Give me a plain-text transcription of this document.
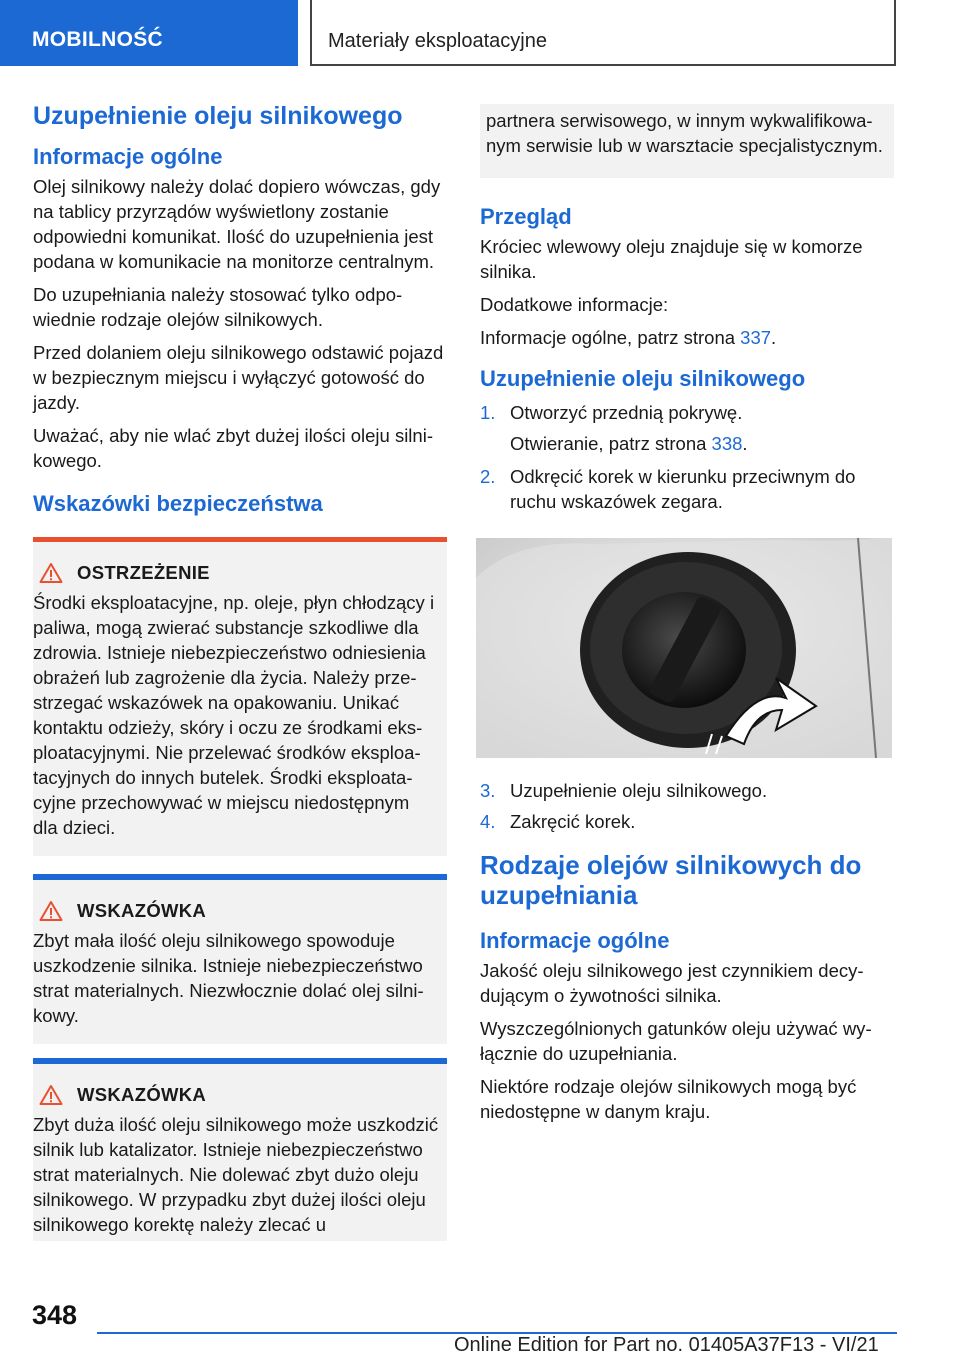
MOBILNOŚĆ	Materiały eksploatacyjne
Uzupełnienie oleju silnikowego
Informacje ogólne

Olej silnikowy należy dolać dopiero wówczas, gdy na tablicy przyrządów wyświetlony zostanie odpowiedni komunikat. Ilość do uzupełnienia jest podana w komunikacie na monitorze centralnym.

Do uzupełniania należy stosować tylko odpowiednie rodzaje olejów silnikowych.

Przed dolaniem oleju silnikowego odstawić pojazd w bezpiecznym miejscu i wyłączyć gotowość do jazdy.

Uważać, aby nie wlać zbyt dużej ilości oleju silnikowego.

Wskazówki bezpieczeństwa
OSTRZEŻENIE

Środki eksploatacyjne, np. oleje, płyn chłodzący i paliwa, mogą zwierać substancje szkodliwe dla zdrowia. Istnieje niebezpieczeństwo odniesienia obrażeń lub zagrożenie dla życia. Należy przestrzegać wskazówek na opakowaniu. Unikać kontaktu odzieży, skóry i oczu ze środkami eksploatacyjnymi. Nie przelewać środków eksploatacyjnych do innych butelek. Środki eksploatacyjne przechowywać w miejscu niedostępnym dla dzieci.

WSKAZÓWKA

Zbyt mała ilość oleju silnikowego spowoduje uszkodzenie silnika. Istnieje niebezpieczeństwo strat materialnych. Niezwłocznie dolać olej silnikowy.

WSKAZÓWKA

Zbyt duża ilość oleju silnikowego może uszkodzić silnik lub katalizator. Istnieje niebezpieczeństwo strat materialnych. Nie dolewać zbyt dużo oleju silnikowego. W przypadku zbyt dużej ilości oleju silnikowego korektę należy zlecać u

partnera serwisowego, w innym wykwalifikowanym serwisie lub w warsztacie specjalistycznym.

Przegląd

Króciec wlewowy oleju znajduje się w komorze silnika.

Dodatkowe informacje:

Informacje ogólne, patrz strona 337.

Uzupełnienie oleju silnikowego
1. Otworzyć przednią pokrywę.
Otwieranie, patrz strona 338.
2. Odkręcić korek w kierunku przeciwnym do ruchu wskazówek zegara.
3. Uzupełnienie oleju silnikowego.
4. Zakręcić korek.
Rodzaje olejów silnikowych do uzupełniania
Informacje ogólne

Jakość oleju silnikowego jest czynnikiem decydującym o żywotności silnika.

Wyszczególnionych gatunków oleju używać wyłącznie do uzupełniania.

Niektóre rodzaje olejów silnikowych mogą być niedostępne w danym kraju.

348
Online Edition for Part no. 01405A37F13 - VI/21
